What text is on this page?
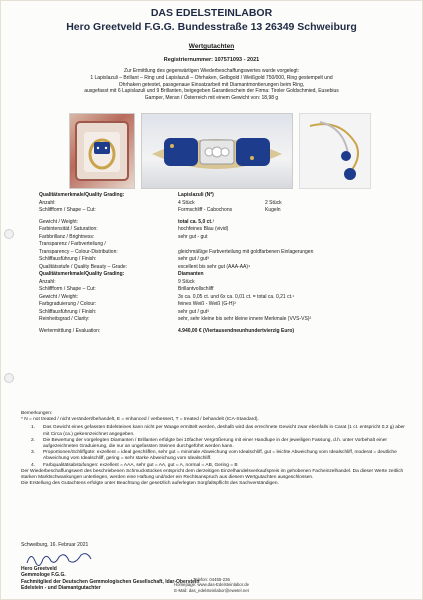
DAS EDELSTEINLABOR
Hero Greetveld F.G.G. Bundesstraße 13 26349 Schweiburg
Wertgutachten
Registriernummer: 107571093 - 2021
Zur Ermittlung des gegenwärtigen Wiederbeschaffungswertes wurde vorgelegt:
1 Lapislazuli – Brillant – Ring und Lapislazuli – Ohrhaken, Gelbgold / Weißgold 750/000, Ring gestempelt und
Ohrhaken getestet, passgenaue Einsatzarbeit mit Diamantmontierungen beim Ring,
ausgefasst mit 6 Lapislazuli und 9 Brillanten, beigegeben Garantieschein der Firma: Tiroler Goldschmied, Eusebius
Gamper, Meran / Österreich mit einem Gewicht von: 18,98 g
Qualitätsmerkmale/Quality Grading:	Lapislazuli (N*)
Anzahl:	4 Stück	2 Stück
Schliffform / Shape – Cut:	Formschliff - Cabochons	Kugeln
Gewicht / Weight:	total ca. 5,0 ct.¹
Farbintensität / Saturation:	hochfeines Blau (vivid)
Farbbrillanz / Brightness:	sehr gut - gut
Transparenz / Farbverteilung /
Transparency – Colour-Distribution:	gleichmäßige Farbverteilung mit goldfarbenen Einlagerungen
Schliffausführung / Finish:	sehr gut / gut³
Qualitätsstufe / Quality Beauty – Grade:	excellent bis sehr gut (AAA-AA)⁴
Qualitätsmerkmale/Quality Grading:	Diamanten
Anzahl:	9 Stück
Schliffform / Shape – Cut:	Brillantvollschliff
Gewicht / Weight:	3x ca. 0,05 ct. und 6x ca. 0,01 ct. = total ca. 0,21 ct.¹
Farbgraduierung / Colour:	feines Weiß - Weiß (G-H)²
Schliffausführung / Finish:	sehr gut / gut³
Reinheitsgrad / Clarity:	sehr, sehr kleine bis sehr kleine innere Merkmale (VVS-VS)²
Wertermittlung / Evaluation:	4.940,00 € (Viertausendneunhundertvierzig Euro)

Bemerkungen:

* N = not treated / nicht verändert/behandelt, E = enhanced / verbessert, T = treated / behandelt (ICA-Standard).

1. Das Gewicht eines gefassten Edelsteines kann nicht per Waage ermittelt werden, deshalb wird das errechnete Gewicht zwar ebenfalls in Carat (1 ct. entspricht 0,2 g) aber mit Circa (ca.) gekennzeichnet angegeben.
2. Die Bewertung der vorgelegten Diamanten / Brillanten erfolgte bei 10facher Vergrößerung mit einer Handlupe in der jeweiligen Fassung, d.h. unter Vorbehalt einer aufgezeichneten Graduierung, die nur an ungefassten Steinen durchgeführt werden kann.
3. Proportionen/Schliffgüte: exzellent = ideal geschliffen, sehr gut = minimale Abweichung vom Idealschliff, gut = leichte Abweichung vom Idealschliff, moderat = deutliche Abweichung vom Idealschliff, gering = sehr starke Abweichung vom Idealschliff.
4. Farbqualitätsabstufungen: exzellent = AAA, sehr gut = AA, gut = A, normal = AB, Gering = B

Der Wiederbeschaffungswert des beschriebenen Schmuckstückes entspricht dem derzeitigen Einzelhandelsverkaufspreis im gehobenen Facheinzelhandel. Da dieser Werte zeitlich starken Marktschwankungen unterliegen, werden eine Haftung und/oder ein Rechtsanspruch aus diesem Wertgutachten ausgeschlossen.

Die Erstellung des Gutachtens erfolgte unter Beachtung der gesetzlich auferlegten Sorgfaltspflicht des Sachverständigen.

Schweiburg, 16. Februar 2021
Hero Greetveld
Gemmologe F.G.G.
Fachmitglied der Deutschen Gemmologischen Gesellschaft, Idar-Oberstein
Edelstein - und Diamantgutachter
Telefon: 04455-236
Homepage: www.das-Edelsteinlabor.de
E-Mail: das_edelsteinlabor@ewetel.net
